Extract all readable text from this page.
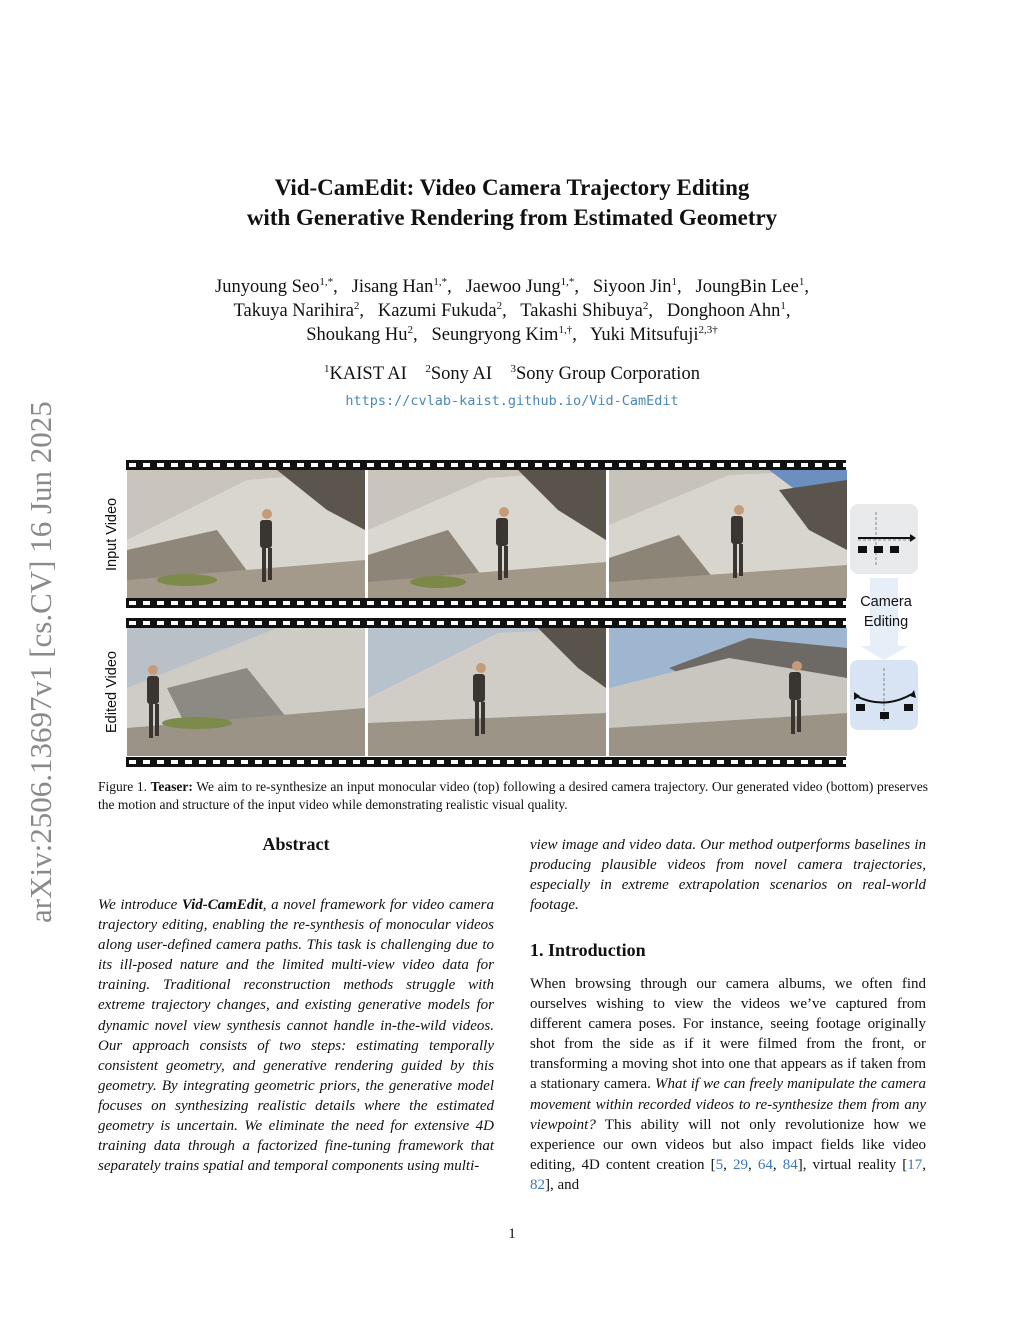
arXiv:2506.13697v1 [cs.CV] 16 Jun 2025
Vid-CamEdit: Video Camera Trajectory Editing
with Generative Rendering from Estimated Geometry
Junyoung Seo$^{1,*}$,   Jisang Han$^{1,*}$,   Jaewoo Jung$^{1,*}$,   Siyoon Jin$^1$,   JoungBin Lee$^1$,
Takuya Narihira$^2$,   Kazumi Fukuda$^2$,   Takashi Shibuya$^2$,   Donghoon Ahn$^1$,
Shoukang Hu$^2$,   Seungryong Kim$^{1,\dagger}$,   Yuki Mitsufuji$^{2,3\dagger}$
$^1$KAIST AI $^2$Sony AI $^3$Sony Group Corporation
https://cvlab-kaist.github.io/Vid-CamEdit
Input Video
Edited Video
Camera
Editing
Figure 1. Teaser: We aim to re-synthesize an input monocular video (top) following a desired camera trajectory. Our generated video (bottom) preserves the motion and structure of the input video while demonstrating realistic visual quality.
Abstract

We introduce Vid-CamEdit, a novel framework for video camera trajectory editing, enabling the re-synthesis of monocular videos along user-defined camera paths. This task is challenging due to its ill-posed nature and the limited multi-view video data for training. Traditional reconstruction methods struggle with extreme trajectory changes, and existing generative models for dynamic novel view synthesis cannot handle in-the-wild videos. Our approach consists of two steps: estimating temporally consistent geometry, and generative rendering guided by this geometry. By integrating geometric priors, the generative model focuses on synthesizing realistic details where the estimated geometry is uncertain. We eliminate the need for extensive 4D training data through a factorized fine-tuning framework that separately trains spatial and temporal components using multi-

view image and video data. Our method outperforms baselines in producing plausible videos from novel camera trajectories, especially in extreme extrapolation scenarios on real-world footage.

1. Introduction

When browsing through our camera albums, we often find ourselves wishing to view the videos we’ve captured from different camera poses. For instance, seeing footage originally shot from the side as if it were filmed from the front, or transforming a moving shot into one that appears as if taken from a stationary camera. What if we can freely manipulate the camera movement within recorded videos to re-synthesize them from any viewpoint? This ability will not only revolutionize how we experience our own videos but also impact fields like video editing, 4D content creation [5, 29, 64, 84], virtual reality [17, 82], and

1
